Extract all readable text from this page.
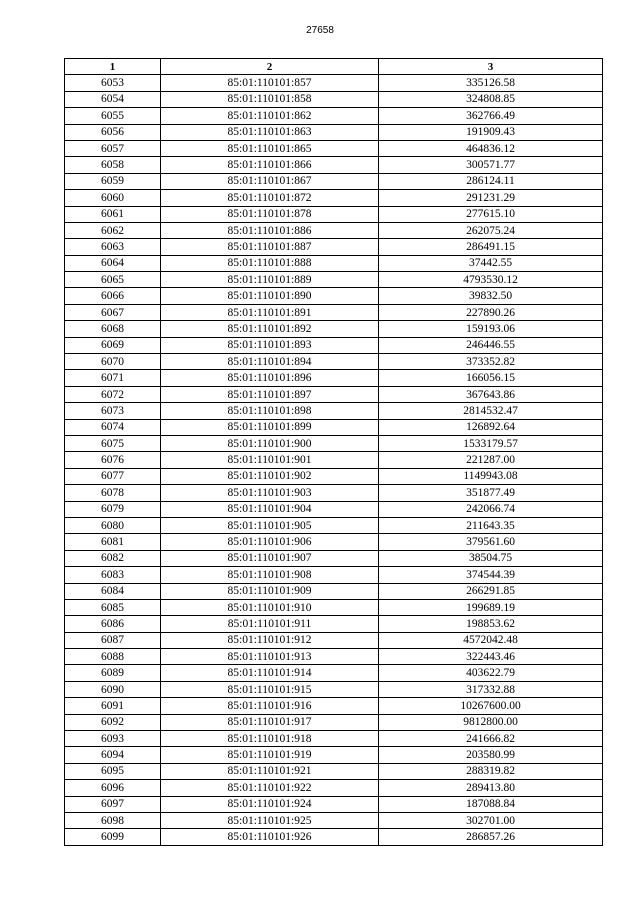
27658
1	2	3
6053	85:01:110101:857	335126.58
6054	85:01:110101:858	324808.85
6055	85:01:110101:862	362766.49
6056	85:01:110101:863	191909.43
6057	85:01:110101:865	464836.12
6058	85:01:110101:866	300571.77
6059	85:01:110101:867	286124.11
6060	85:01:110101:872	291231.29
6061	85:01:110101:878	277615.10
6062	85:01:110101:886	262075.24
6063	85:01:110101:887	286491.15
6064	85:01:110101:888	37442.55
6065	85:01:110101:889	4793530.12
6066	85:01:110101:890	39832.50
6067	85:01:110101:891	227890.26
6068	85:01:110101:892	159193.06
6069	85:01:110101:893	246446.55
6070	85:01:110101:894	373352.82
6071	85:01:110101:896	166056.15
6072	85:01:110101:897	367643.86
6073	85:01:110101:898	2814532.47
6074	85:01:110101:899	126892.64
6075	85:01:110101:900	1533179.57
6076	85:01:110101:901	221287.00
6077	85:01:110101:902	1149943.08
6078	85:01:110101:903	351877.49
6079	85:01:110101:904	242066.74
6080	85:01:110101:905	211643.35
6081	85:01:110101:906	379561.60
6082	85:01:110101:907	38504.75
6083	85:01:110101:908	374544.39
6084	85:01:110101:909	266291.85
6085	85:01:110101:910	199689.19
6086	85:01:110101:911	198853.62
6087	85:01:110101:912	4572042.48
6088	85:01:110101:913	322443.46
6089	85:01:110101:914	403622.79
6090	85:01:110101:915	317332.88
6091	85:01:110101:916	10267600.00
6092	85:01:110101:917	9812800.00
6093	85:01:110101:918	241666.82
6094	85:01:110101:919	203580.99
6095	85:01:110101:921	288319.82
6096	85:01:110101:922	289413.80
6097	85:01:110101:924	187088.84
6098	85:01:110101:925	302701.00
6099	85:01:110101:926	286857.26
